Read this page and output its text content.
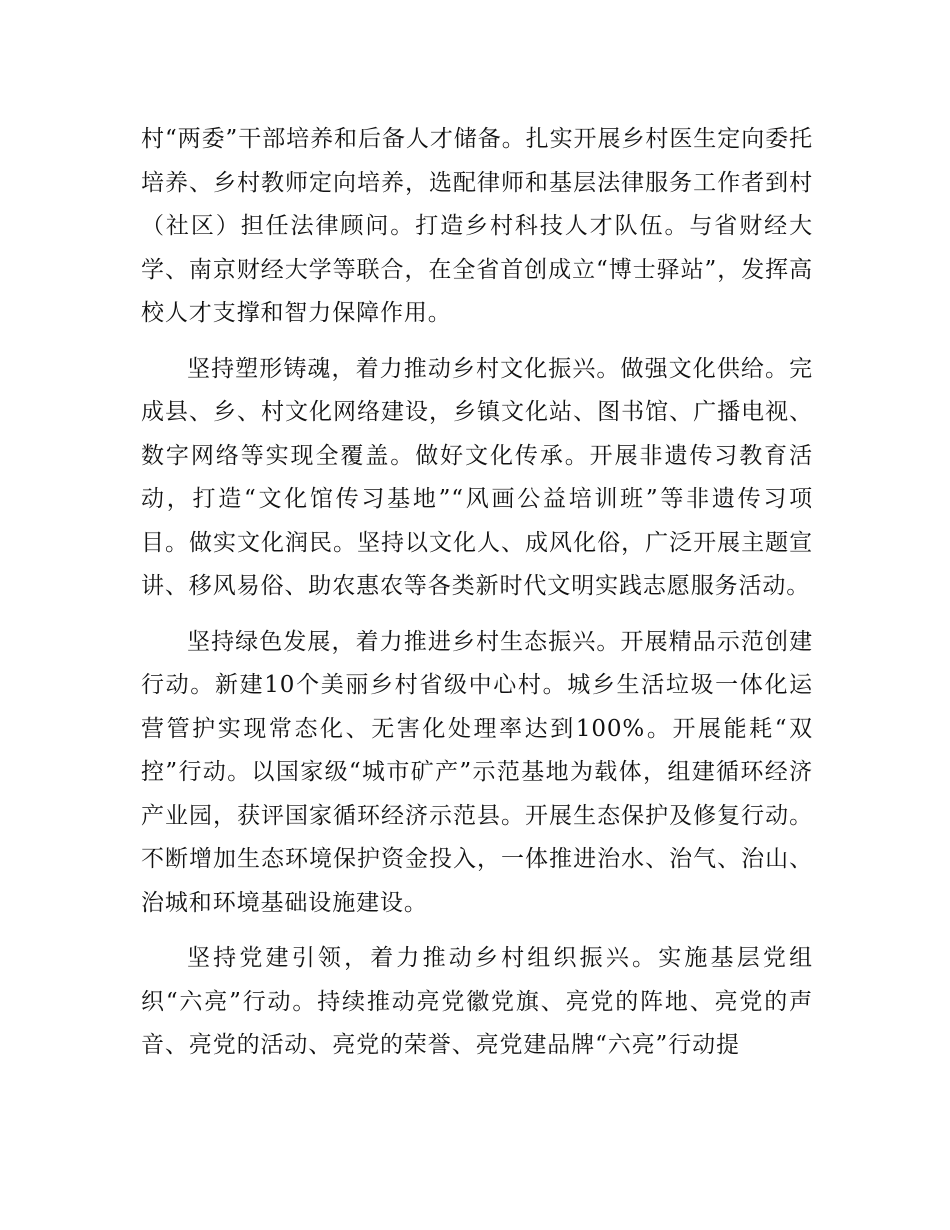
村“两委”干部培养和后备人才储备。扎实开展乡村医生定向委托培养、乡村教师定向培养，选配律师和基层法律服务工作者到村（社区）担任法律顾问。打造乡村科技人才队伍。与省财经大学、南京财经大学等联合，在全省首创成立“博士驿站”，发挥高校人才支撑和智力保障作用。

坚持塑形铸魂，着力推动乡村文化振兴。做强文化供给。完成县、乡、村文化网络建设，乡镇文化站、图书馆、广播电视、数字网络等实现全覆盖。做好文化传承。开展非遗传习教育活动，打造“文化馆传习基地”“风画公益培训班”等非遗传习项目。做实文化润民。坚持以文化人、成风化俗，广泛开展主题宣讲、移风易俗、助农惠农等各类新时代文明实践志愿服务活动。

坚持绿色发展，着力推进乡村生态振兴。开展精品示范创建行动。新建10个美丽乡村省级中心村。城乡生活垃圾一体化运营管护实现常态化、无害化处理率达到100%。开展能耗“双控”行动。以国家级“城市矿产”示范基地为载体，组建循环经济产业园，获评国家循环经济示范县。开展生态保护及修复行动。不断增加生态环境保护资金投入，一体推进治水、治气、治山、治城和环境基础设施建设。

坚持党建引领，着力推动乡村组织振兴。实施基层党组织“六亮”行动。持续推动亮党徽党旗、亮党的阵地、亮党的声音、亮党的活动、亮党的荣誉、亮党建品牌“六亮”行动提
